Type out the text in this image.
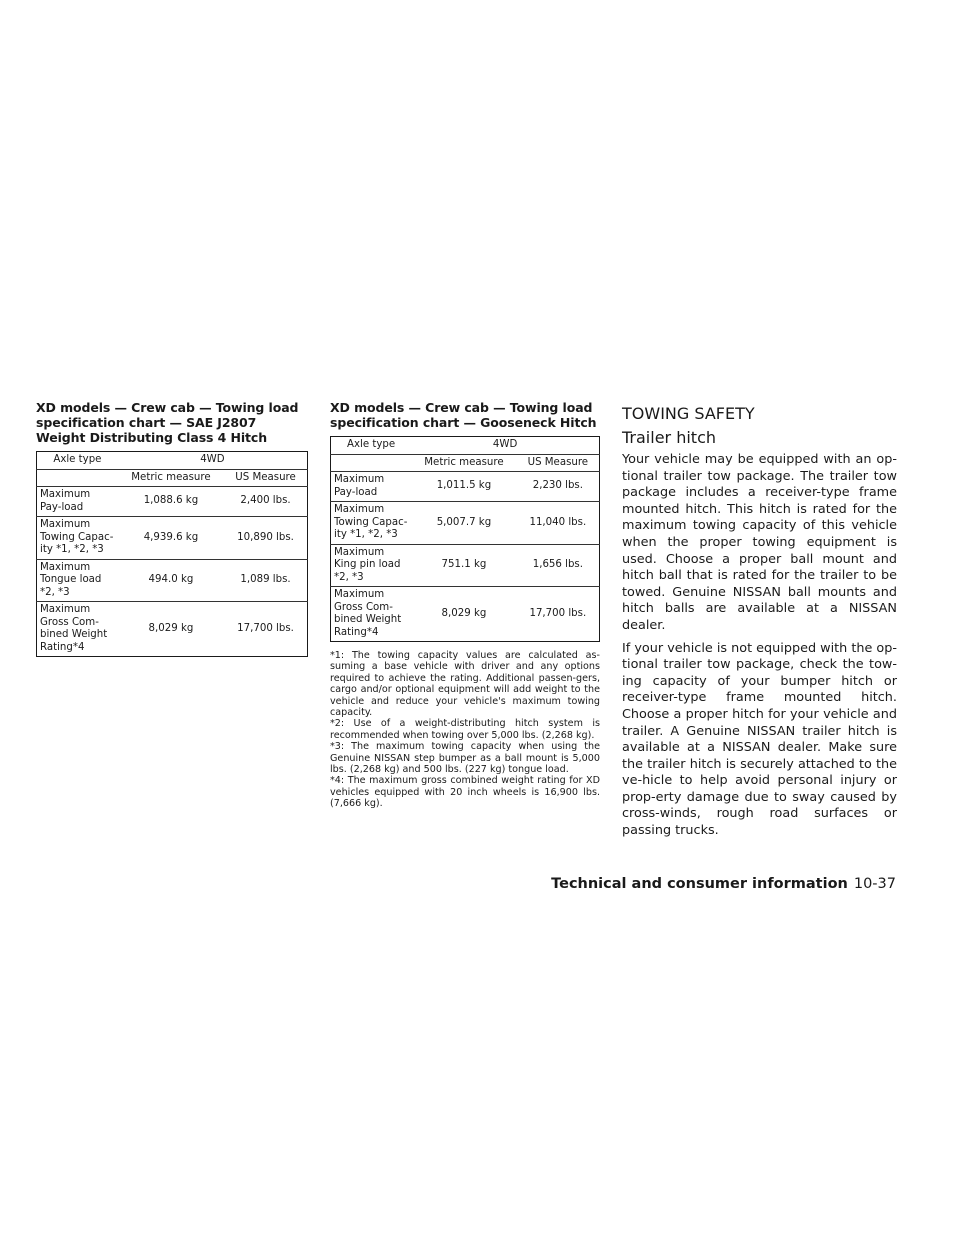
XD models — Crew cab — Towing load specification chart — SAE J2807 Weight Distributing Class 4 Hitch
Axle type	4WD	
	Metric measure	US Measure
Maximum Pay-load	1,088.6 kg	2,400 lbs.
Maximum Towing Capac-ity *1, *2, *3	4,939.6 kg	10,890 lbs.
Maximum Tongue load *2, *3	494.0 kg	1,089 lbs.
Maximum Gross Com-bined Weight Rating*4	8,029 kg	17,700 lbs.
XD models — Crew cab — Towing load specification chart — Gooseneck Hitch
Axle type	4WD	
	Metric measure	US Measure
Maximum Pay-load	1,011.5 kg	2,230 lbs.
Maximum Towing Capac-ity *1, *2, *3	5,007.7 kg	11,040 lbs.
Maximum King pin load *2, *3	751.1 kg	1,656 lbs.
Maximum Gross Com-bined Weight Rating*4	8,029 kg	17,700 lbs.

*1: The towing capacity values are calculated as-suming a base vehicle with driver and any options required to achieve the rating. Additional passen-gers, cargo and/or optional equipment will add weight to the vehicle and reduce your vehicle's maximum towing capacity.

*2: Use of a weight-distributing hitch system is recommended when towing over 5,000 lbs. (2,268 kg).

*3: The maximum towing capacity when using the Genuine NISSAN step bumper as a ball mount is 5,000 lbs. (2,268 kg) and 500 lbs. (227 kg) tongue load.

*4: The maximum gross combined weight rating for XD vehicles equipped with 20 inch wheels is 16,900 lbs. (7,666 kg).

TOWING SAFETY
Trailer hitch

Your vehicle may be equipped with an op-tional trailer tow package. The trailer tow package includes a receiver-type frame mounted hitch. This hitch is rated for the maximum towing capacity of this vehicle when the proper towing equipment is used. Choose a proper ball mount and hitch ball that is rated for the trailer to be towed. Genuine NISSAN ball mounts and hitch balls are available at a NISSAN dealer.

If your vehicle is not equipped with the op-tional trailer tow package, check the tow-ing capacity of your bumper hitch or receiver-type frame mounted hitch. Choose a proper hitch for your vehicle and trailer. A Genuine NISSAN trailer hitch is available at a NISSAN dealer. Make sure the trailer hitch is securely attached to the ve-hicle to help avoid personal injury or prop-erty damage due to sway caused by cross-winds, rough road surfaces or passing trucks.

Technical and consumer information 10-37
